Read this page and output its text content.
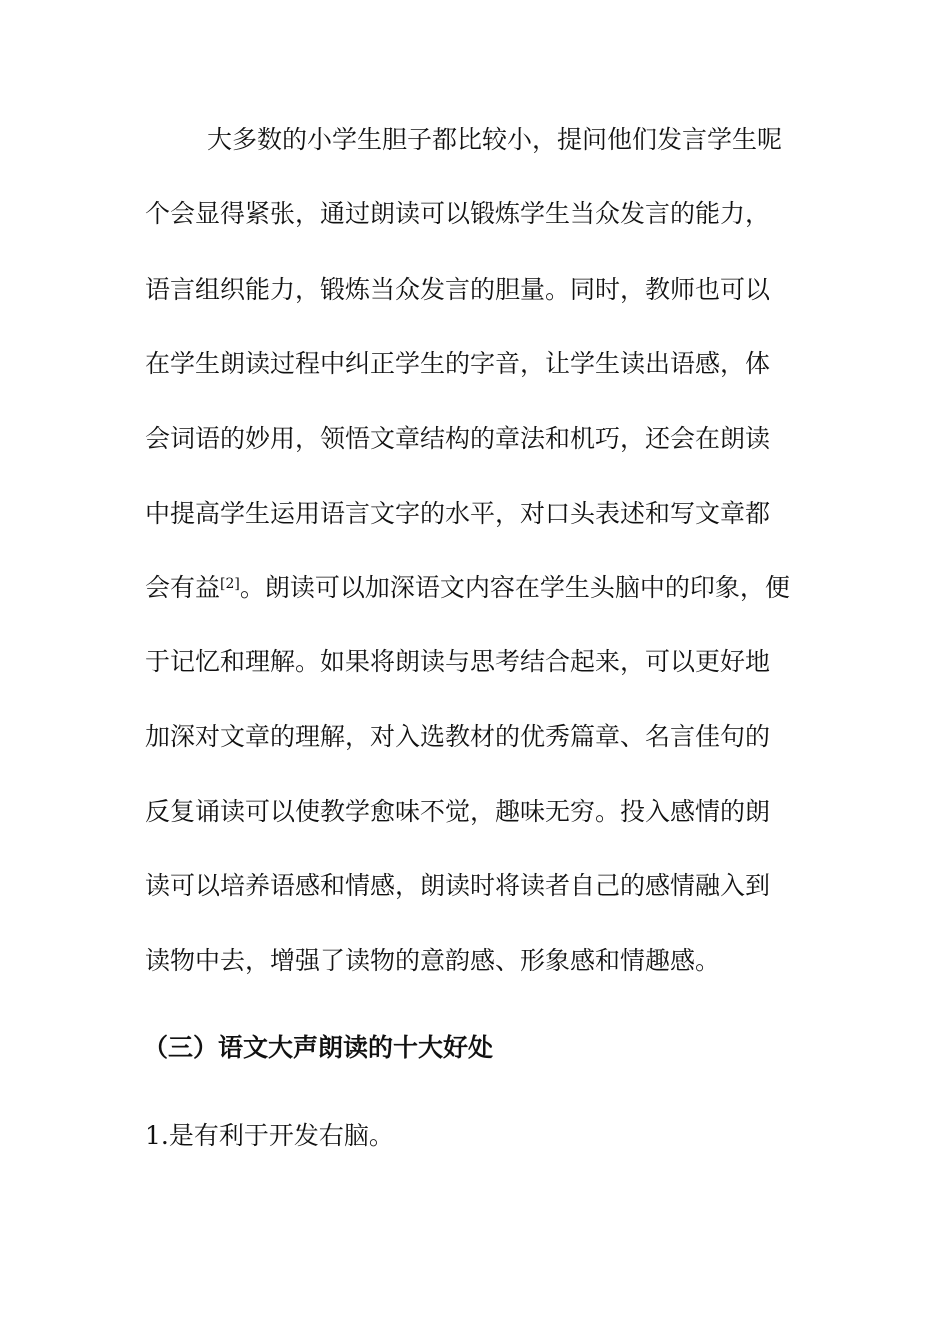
大多数的小学生胆子都比较小，提问他们发言学生呢
个会显得紧张，通过朗读可以锻炼学生当众发言的能力，
语言组织能力，锻炼当众发言的胆量。同时，教师也可以
在学生朗读过程中纠正学生的字音，让学生读出语感，体
会词语的妙用，领悟文章结构的章法和机巧，还会在朗读
中提高学生运用语言文字的水平，对口头表述和写文章都
会有益[2]。朗读可以加深语文内容在学生头脑中的印象，便
于记忆和理解。如果将朗读与思考结合起来，可以更好地
加深对文章的理解，对入选教材的优秀篇章、名言佳句的
反复诵读可以使教学愈味不觉，趣味无穷。投入感情的朗
读可以培养语感和情感，朗读时将读者自己的感情融入到
读物中去，增强了读物的意韵感、形象感和情趣感。
（三）语文大声朗读的十大好处
1.是有利于开发右脑。
